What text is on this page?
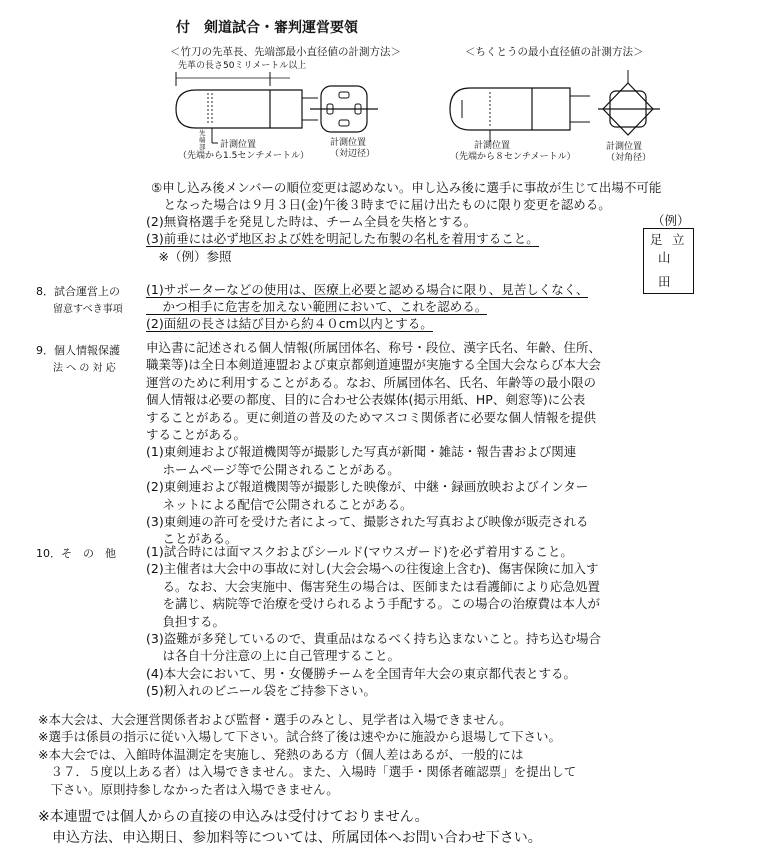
付　剣道試合・審判運営要領
＜竹刀の先革長、先端部最小直径値の計測方法＞
先革の長さ50ミリメートル以上
＜ちくとうの最小直径値の計測方法＞
先端部 計測位置
（先端から1.5センチメートル）
計測位置
（対辺径）
計測位置
（先端から８センチメートル）
計測位置
（対角径）
⑤申し込み後メンバーの順位変更は認めない。申し込み後に選手に事故が生じて出場不可能
　となった場合は９月３日(金)午後３時までに届け出たものに限り変更を認める。
(2)無資格選手を発見した時は、チーム全員を失格とする。
(3)前垂には必ず地区および姓を明記した布製の名札を着用すること。
　※（例）参照
（例）
足
山
田
立
8．試合運営上の
留意すべき事項
(1)サポーターなどの使用は、医療上必要と認める場合に限り、見苦しくなく、
　 かつ相手に危害を加えない範囲において、これを認める。
(2)面紐の長さは結び目から約４０cm以内とする。
9．個人情報保護
法 へ の 対 応
申込書に記述される個人情報(所属団体名、称号・段位、漢字氏名、年齢、住所、
職業等)は全日本剣道連盟および東京都剣道連盟が実施する全国大会ならび本大会
運営のために利用することがある。なお、所属団体名、氏名、年齢等の最小限の
個人情報は必要の都度、目的に合わせ公表媒体(掲示用紙、HP、剣窓等)に公表
することがある。更に剣道の普及のためマスコミ関係者に必要な個人情報を提供
することがある。
(1)東剣連および報道機関等が撮影した写真が新聞・雑誌・報告書および関連
　 ホームページ等で公開されることがある。
(2)東剣連および報道機関等が撮影した映像が、中継・録画放映およびインター
　 ネットによる配信で公開されることがある。
(3)東剣連の許可を受けた者によって、撮影された写真および映像が販売される
　 ことがある。
10．そ　の　他 (1)試合時には面マスクおよびシールド(マウスガード)を必ず着用すること。
(2)主催者は大会中の事故に対し(大会会場への往復途上含む)、傷害保険に加入す
　 る。なお、大会実施中、傷害発生の場合は、医師または看護師により応急処置
　 を講じ、病院等で治療を受けられるよう手配する。この場合の治療費は本人が
　 負担する。
(3)盗難が多発しているので、貴重品はなるべく持ち込まないこと。持ち込む場合
　 は各自十分注意の上に自己管理すること。
(4)本大会において、男・女優勝チームを全国青年大会の東京都代表とする。
(5)籾入れのビニール袋をご持参下さい。
※本大会は、大会運営関係者および監督・選手のみとし、見学者は入場できません。
※選手は係員の指示に従い入場して下さい。試合終了後は速やかに施設から退場して下さい。
※本大会では、入館時体温測定を実施し、発熱のある方（個人差はあるが、一般的には
　３７．５度以上ある者）は入場できません。また、入場時「選手・関係者確認票」を提出して
　下さい。原則持参しなかった者は入場できません。
※本連盟では個人からの直接の申込みは受付けておりません。
　申込方法、申込期日、参加料等については、所属団体へお問い合わせ下さい。
